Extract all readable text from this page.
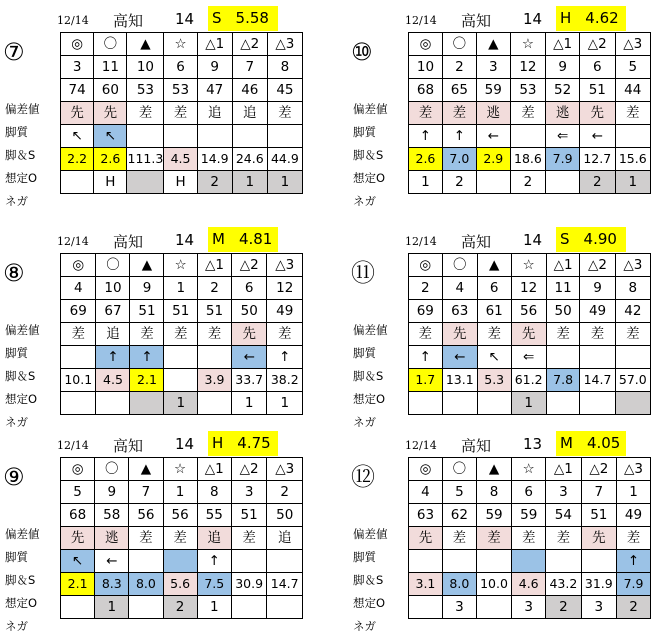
12/14 高知 14 S 5.58
⑦
偏差値
脚質
脚＆S
想定O
ネガ
◎	〇	▲	☆	△1	△2	△3
3	11	10	6	9	7	8
74	60	53	53	47	46	45
先	先	差	差	追	追	差
↖	↖					
2.2	2.6	111.3	4.5	14.9	24.6	44.9
	H		H	2	1	1
12/14 高知 14 H 4.62
⑩
偏差値
脚質
脚＆S
想定O
ネガ
◎	〇	▲	☆	△1	△2	△3
10	2	3	12	9	6	5
68	65	59	53	52	51	44
差	差	逃	差	逃	先	差
↑	↑	←		⇐	←	
2.6	7.0	2.9	18.6	7.9	12.7	15.6
1	2		2		2	1
12/14 高知 14 M 4.81
⑧
偏差値
脚質
脚＆S
想定O
ネガ
◎	〇	▲	☆	△1	△2	△3
4	10	9	1	2	6	12
69	67	51	51	51	50	49
差	追	差	差	差	先	差
	↑	↑			←	↑
10.1	4.5	2.1		3.9	33.7	38.2
			1		1	1
12/14 高知 14 S 4.90
⑪
偏差値
脚質
脚＆S
想定O
ネガ
◎	〇	▲	☆	△1	△2	△3
2	4	6	12	11	9	8
69	63	61	56	50	49	42
差	先	差	先	差	差	差
↑	←	↖	⇐			
1.7	13.1	5.3	61.2	7.8	14.7	57.0
			1			
12/14 高知 14 H 4.75
⑨
偏差値
脚質
脚＆S
想定O
ネガ
◎	〇	▲	☆	△1	△2	△3
5	9	7	1	8	3	2
68	58	56	56	55	51	50
先	逃	差	差	追	差	追
↖	←			↑		
2.1	8.3	8.0	5.6	7.5	30.9	14.7
	1		2	1		
12/14 高知 13 M 4.05
⑫
偏差値
脚質
脚＆S
想定O
ネガ
◎	〇	▲	☆	△1	△2	△3
4	5	8	6	3	7	1
63	62	59	59	54	51	49
先	差	差	差	差	先	差
						↑
3.1	8.0	10.0	4.6	43.2	31.9	7.9
	3		3	2	3	2
